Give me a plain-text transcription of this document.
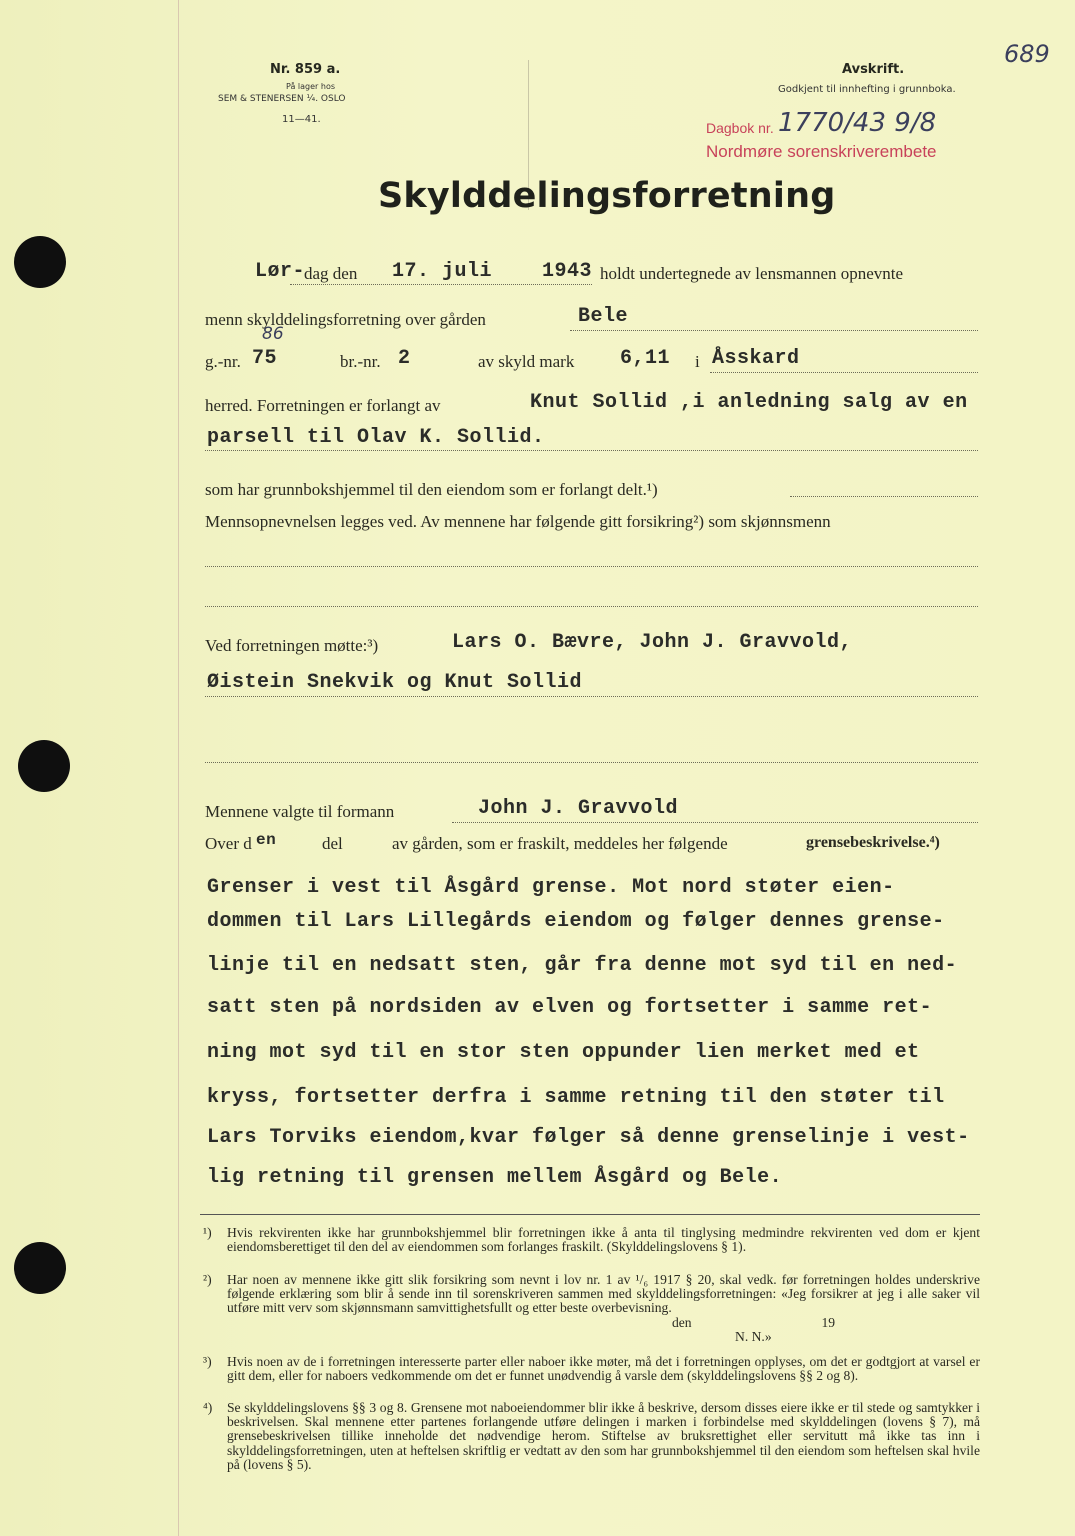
Nr. 859 a.
På lager hos
SEM & STENERSEN ¼. OSLO
11—41.
Avskrift.
Godkjent til innhefting i grunnboka.
689
Dagbok nr. 1770/43 9/8
Nordmøre sorenskriverembete
Skylddelingsforretning
Lør-
dag den 17. juli 1943 holdt undertegnede av lensmannen opnevnte
menn skylddelingsforretning over gården	Bele
g.-nr. 75
86
br.-nr. 2	av skyld mark 6,11 i Åsskard
herred. Forretningen er forlangt av	Knut Sollid ,i anledning salg av en
parsell til Olav K. Sollid.
som har grunnbokshjemmel til den eiendom som er forlangt delt.¹)
Mennsopnevnelsen legges ved. Av mennene har følgende gitt forsikring²) som skjønnsmenn
Ved forretningen møtte:³)	Lars O. Bævre, John J. Gravvold,
Øistein Snekvik og Knut Sollid
Mennene valgte til formann	John J. Gravvold
Over d en	del	av gården, som er fraskilt, meddeles her følgende	grensebeskrivelse.⁴)
Grenser i vest til Åsgård grense. Mot nord støter eien-
dommen til Lars Lillegårds eiendom og følger dennes grense-
linje til en nedsatt sten, går fra denne mot syd til en ned-
satt sten på nordsiden av elven og fortsetter i samme ret-
ning mot syd til en stor sten oppunder lien merket med et
kryss, fortsetter derfra i samme retning til den støter til
Lars Torviks eiendom,kvar følger så denne grenselinje i vest-
lig retning til grensen mellem Åsgård og Bele.
¹) Hvis rekvirenten ikke har grunnbokshjemmel blir forretningen ikke å anta til tinglysing medmindre rekvirenten ved dom er kjent eiendomsberettiget til den del av eiendommen som forlanges fraskilt. (Skylddelingslovens § 1).
²) Har noen av mennene ikke gitt slik forsikring som nevnt i lov nr. 1 av ¹/₆ 1917 § 20, skal vedk. før forretningen holdes underskrive følgende erklæring som blir å sende inn til sorenskriveren sammen med skylddelingsforretningen: «Jeg forsikrer at jeg i alle saker vil utføre mitt verv som skjønnsmann samvittighetsfullt og etter beste overbevisning.
den	19
N. N.»
³) Hvis noen av de i forretningen interesserte parter eller naboer ikke møter, må det i forretningen opplyses, om det er godtgjort at varsel er gitt dem, eller for naboers vedkommende om det er funnet unødvendig å varsle dem (skylddelingslovens §§ 2 og 8).
⁴) Se skylddelingslovens §§ 3 og 8. Grensene mot naboeiendommer blir ikke å beskrive, dersom disses eiere ikke er til stede og samtykker i beskrivelsen. Skal mennene etter partenes forlangende utføre delingen i marken i forbindelse med skylddelingen (lovens § 7), må grensebeskrivelsen tillike inneholde det nødvendige herom. Stiftelse av bruksrettighet eller servitutt må ikke tas inn i skylddelingsforretningen, uten at heftelsen skriftlig er vedtatt av den som har grunnbokshjemmel til den eiendom som heftelsen skal hvile på (lovens § 5).
